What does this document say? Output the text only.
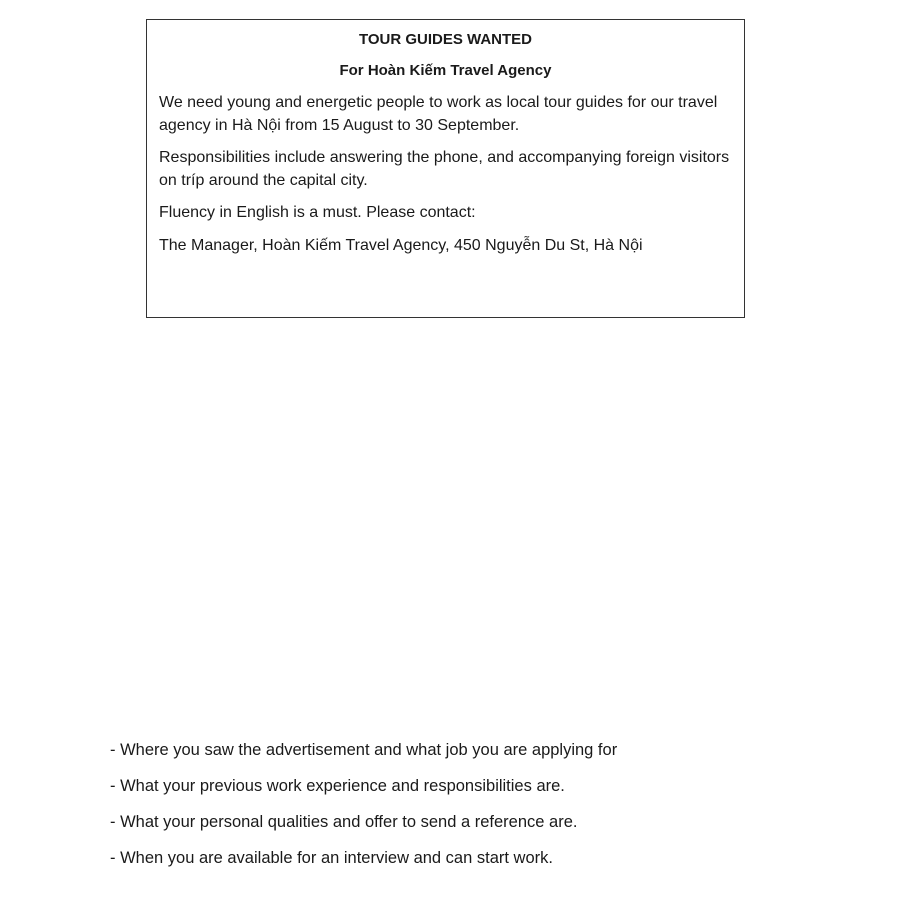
TOUR GUIDES WANTED
For Hoàn Kiếm Travel Agency

We need young and energetic people to work as local tour guides for our travel agency in Hà Nội from 15 August to 30 September.

Responsibilities include answering the phone, and accompanying foreign visitors on tríp around the capital city.

Fluency in English is a must. Please contact:

The Manager, Hoàn Kiếm Travel Agency, 450 Nguyễn Du St, Hà Nội

- Where you saw the advertisement and what job you are applying for
- What your previous work experience and responsibilities are.
- What your personal qualities and offer to send a reference are.
- When you are available for an interview and can start work.
